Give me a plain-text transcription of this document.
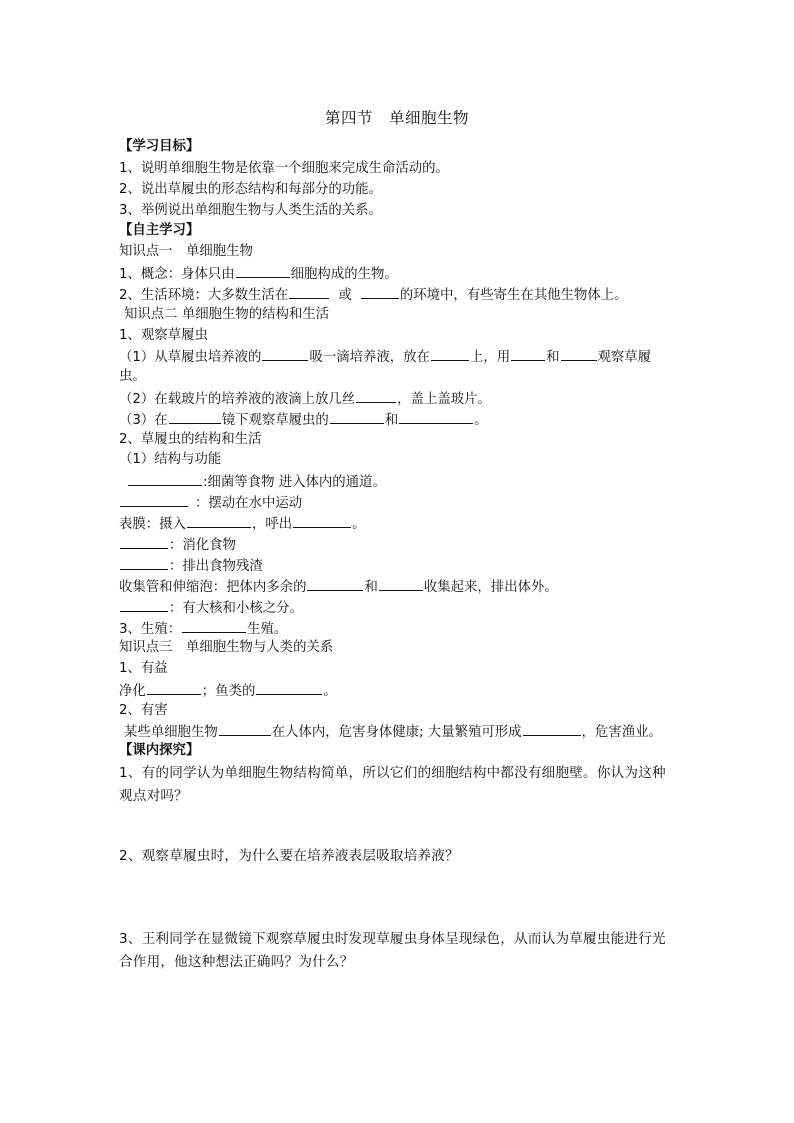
第四节　单细胞生物
【学习目标】
1、说明单细胞生物是依靠一个细胞来完成生命活动的。
2、说出草履虫的形态结构和每部分的功能。
3、举例说出单细胞生物与人类生活的关系。
【自主学习】
知识点一　单细胞生物
1、概念：身体只由	细胞构成的生物。
2、生活环境：大多数生活在	或	的环境中，有些寄生在其他生物体上。
知识点二 单细胞生物的结构和生活
1、观察草履虫
（1）从草履虫培养液的	吸一滴培养液，放在	上，用	和	观察草履
虫。
（2）在载玻片的培养液的液滴上放几丝	，盖上盖玻片。
（3）在	镜下观察草履虫的	和	。
2、草履虫的结构和生活
（1）结构与功能
:细菌等食物 进入体内的通道。
：摆动在水中运动
表膜：摄入	，呼出	。
：消化食物
：排出食物残渣
收集管和伸缩泡：把体内多余的	和	收集起来，排出体外。
：有大核和小核之分。
3、生殖：	生殖。
知识点三　单细胞生物与人类的关系
1、有益
净化	；鱼类的	。
2、有害
某些单细胞生物	在人体内，危害身体健康; 大量繁殖可形成	，危害渔业。
【课内探究】
1、有的同学认为单细胞生物结构简单，所以它们的细胞结构中都没有细胞壁。你认为这种观点对吗？
2、观察草履虫时，为什么要在培养液表层吸取培养液？
3、王利同学在显微镜下观察草履虫时发现草履虫身体呈现绿色，从而认为草履虫能进行光合作用，他这种想法正确吗？为什么？
